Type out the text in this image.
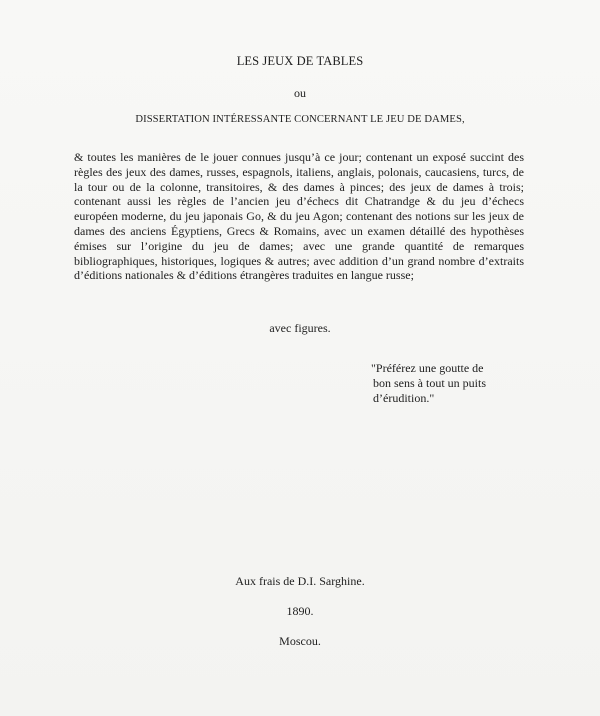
LES JEUX DE TABLES
ou
DISSERTATION INTÉRESSANTE CONCERNANT LE JEU DE DAMES,

& toutes les manières de le jouer connues jusqu’à ce jour; contenant un exposé succint des règles des jeux des dames, russes, espagnols, italiens, anglais, polonais, caucasiens, turcs, de la tour ou de la colonne, transitoires, & des dames à pinces; des jeux de dames à trois; contenant aussi les règles de l’ancien jeu d’échecs dit Chatrandge & du jeu d’échecs européen moderne, du jeu japonais Go, & du jeu Agon; contenant des notions sur les jeux de dames des anciens Égyptiens, Grecs & Romains, avec un examen détaillé des hypothèses émises sur l’origine du jeu de dames; avec une grande quantité de remarques bibliographiques, historiques, logiques & autres; avec addition d’un grand nombre d’extraits d’éditions nationales & d’éditions étrangères traduites en langue russe;

avec figures.
"Préférez une goutte de
bon sens à tout un puits
d’érudition."
Aux frais de D.I. Sarghine.
1890.
Moscou.
